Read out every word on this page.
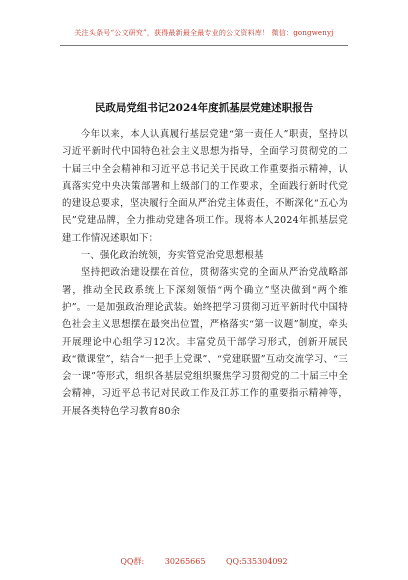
关注头条号“公文研究”，获得最新最全最专业的公文资料库！ 微信：gongwenyj
民政局党组书记2024年度抓基层党建述职报告

今年以来，本人认真履行基层党建“第一责任人”职责，坚持以习近平新时代中国特色社会主义思想为指导，全面学习贯彻党的二十届三中全会精神和习近平总书记关于民政工作重要指示精神，认真落实党中央决策部署和上级部门的工作要求，全面践行新时代党的建设总要求，坚决履行全面从严治党主体责任，不断深化“五心为民”党建品牌，全力推动党建各项工作。现将本人2024年抓基层党建工作情况述职如下：

一、强化政治统领，夯实管党治党思想根基

坚持把政治建设摆在首位，贯彻落实党的全面从严治党战略部署，推动全民政系统上下深刻领悟“两个确立”坚决做到“两个维护”。一是加强政治理论武装。始终把学习贯彻习近平新时代中国特色社会主义思想摆在最突出位置，严格落实“第一议题”制度，牵头开展理论中心组学习12次。丰富党员干部学习形式，创新开展民政“微课堂”，结合“一把手上党课”、“党建联盟”互动交流学习、“三会一课”等形式，组织各基层党组织聚焦学习贯彻党的二十届三中全会精神，习近平总书记对民政工作及江苏工作的重要指示精神等，开展各类特色学习教育80余

QQ群: 30265665 QQ:535304092
